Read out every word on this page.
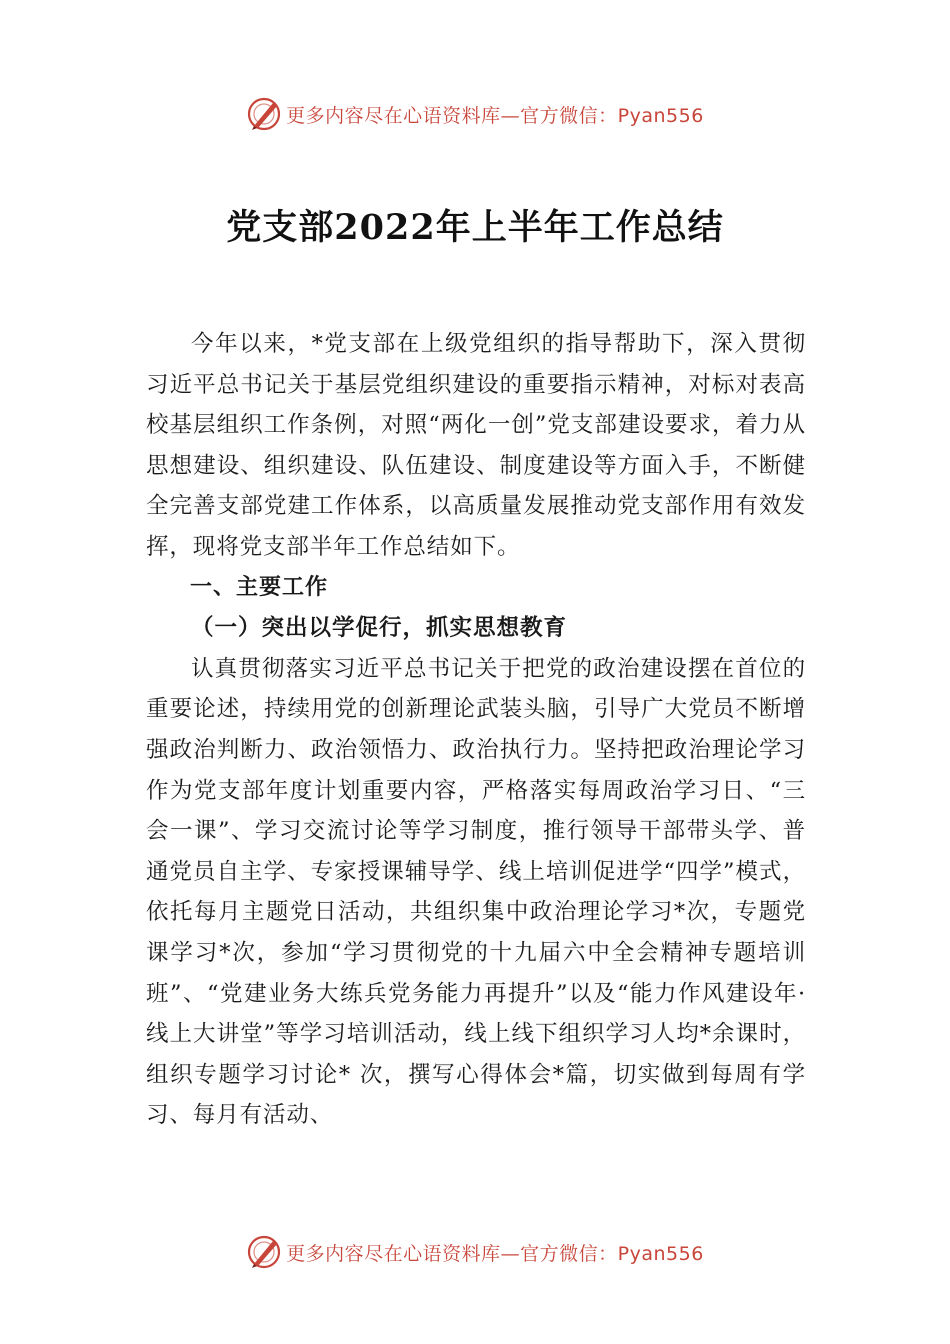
更多内容尽在心语资料库—官方微信：Pyan556
党支部2022年上半年工作总结

今年以来，*党支部在上级党组织的指导帮助下，深入贯彻习近平总书记关于基层党组织建设的重要指示精神，对标对表高校基层组织工作条例，对照“两化一创”党支部建设要求，着力从思想建设、组织建设、队伍建设、制度建设等方面入手，不断健全完善支部党建工作体系，以高质量发展推动党支部作用有效发挥，现将党支部半年工作总结如下。

一、主要工作

（一）突出以学促行，抓实思想教育

认真贯彻落实习近平总书记关于把党的政治建设摆在首位的重要论述，持续用党的创新理论武装头脑，引导广大党员不断增强政治判断力、政治领悟力、政治执行力。坚持把政治理论学习作为党支部年度计划重要内容，严格落实每周政治学习日、“三会一课”、学习交流讨论等学习制度，推行领导干部带头学、普通党员自主学、专家授课辅导学、线上培训促进学“四学”模式，依托每月主题党日活动，共组织集中政治理论学习*次，专题党课学习*次，参加“学习贯彻党的十九届六中全会精神专题培训班”、“党建业务大练兵党务能力再提升”以及“能力作风建设年·线上大讲堂”等学习培训活动，线上线下组织学习人均*余课时，组织专题学习讨论* 次，撰写心得体会*篇，切实做到每周有学习、每月有活动、

更多内容尽在心语资料库—官方微信：Pyan556
